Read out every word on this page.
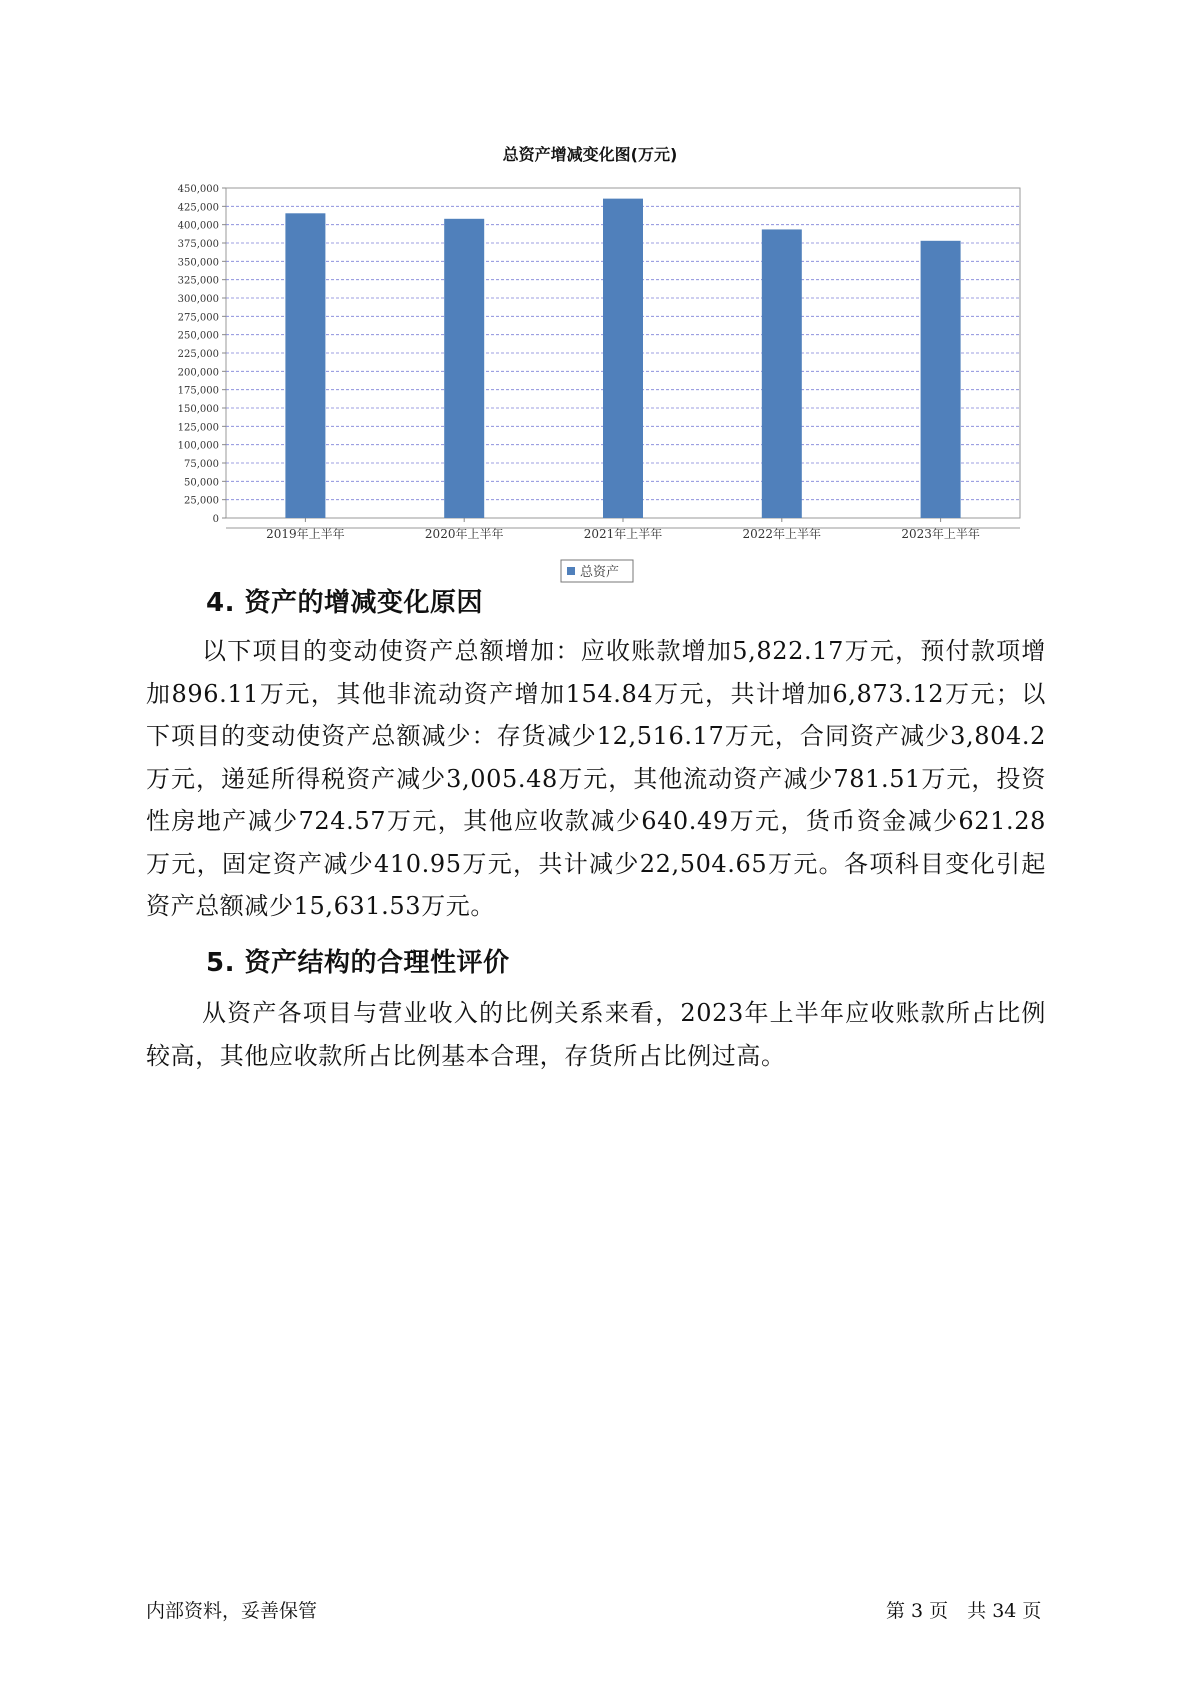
总资产增减变化图(万元)
0
25,000
50,000
75,000
100,000
125,000
150,000
175,000
200,000
225,000
250,000
275,000
300,000
325,000
350,000
375,000
400,000
425,000
450,000
2019年上半年	2020年上半年	2021年上半年	2022年上半年	2023年上半年
总资产
4. 资产的增减变化原因

以下项目的变动使资产总额增加：应收账款增加5,822.17万元，预付款项增加896.11万元，其他非流动资产增加154.84万元，共计增加6,873.12万元；以下项目的变动使资产总额减少：存货减少12,516.17万元，合同资产减少3,804.2万元，递延所得税资产减少3,005.48万元，其他流动资产减少781.51万元，投资性房地产减少724.57万元，其他应收款减少640.49万元，货币资金减少621.28万元，固定资产减少410.95万元，共计减少22,504.65万元。各项科目变化引起资产总额减少15,631.53万元。

5. 资产结构的合理性评价

从资产各项目与营业收入的比例关系来看，2023年上半年应收账款所占比例较高，其他应收款所占比例基本合理，存货所占比例过高。

内部资料，妥善保管	第 3 页　共 34 页
